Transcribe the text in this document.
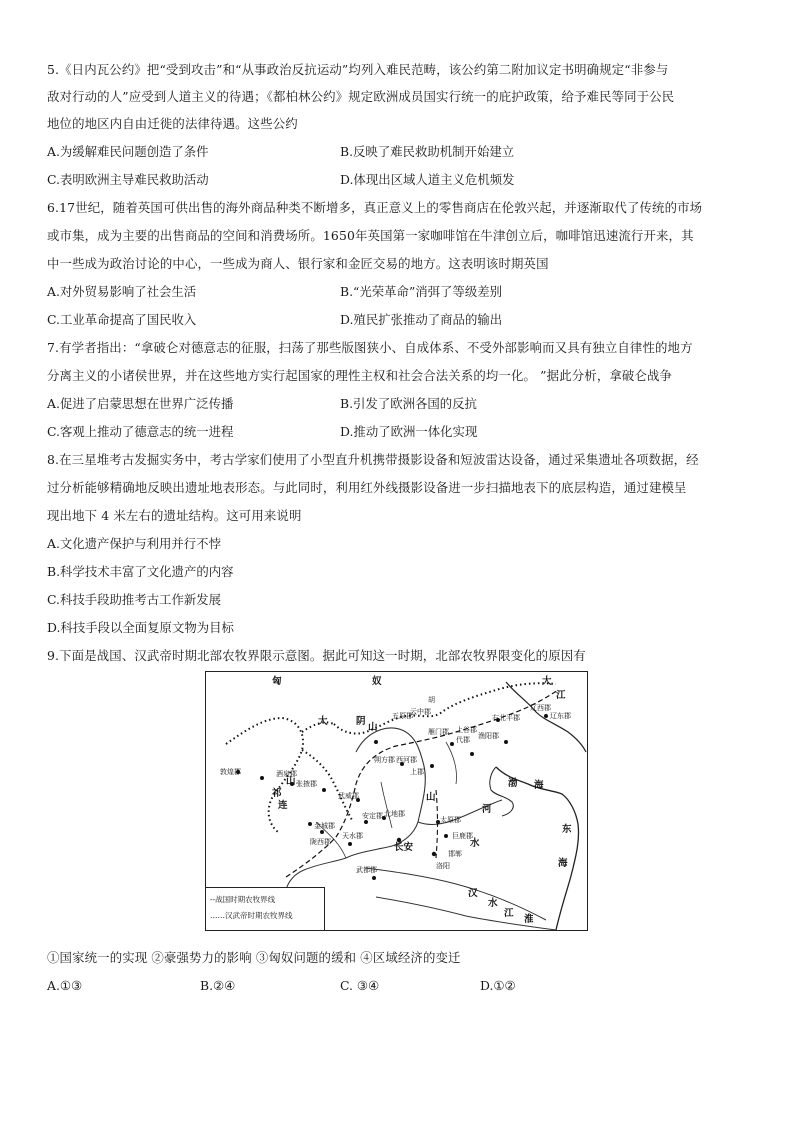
5.《日内瓦公约》把“受到攻击”和“从事政治反抗运动”均列入难民范畴，该公约第二附加议定书明确规定“非参与
敌对行动的人”应受到人道主义的待遇；《都柏林公约》规定欧洲成员国实行统一的庇护政策，给予难民等同于公民
地位的地区内自由迁徙的法律待遇。这些公约
A.为缓解难民问题创造了条件	B.反映了难民救助机制开始建立
C.表明欧洲主导难民救助活动	D.体现出区域人道主义危机频发
6.17世纪，随着英国可供出售的海外商品种类不断增多，真正意义上的零售商店在伦敦兴起，并逐渐取代了传统的市场
或市集，成为主要的出售商品的空间和消费场所。1650年英国第一家咖啡馆在牛津创立后，咖啡馆迅速流行开来，其
中一些成为政治讨论的中心，一些成为商人、银行家和金匠交易的地方。这表明该时期英国
A.对外贸易影响了社会生活	B.“光荣革命”消弭了等级差别
C.工业革命提高了国民收入	D.殖民扩张推动了商品的输出
7.有学者指出：“拿破仑对德意志的征服，扫荡了那些版图狭小、自成体系、不受外部影响而又具有独立自律性的地方
分离主义的小诸侯世界，并在这些地方实行起国家的理性主权和社会合法关系的均一化。 ”据此分析，拿破仑战争
A.促进了启蒙思想在世界广泛传播	B.引发了欧洲各国的反抗
C.客观上推动了德意志的统一进程	D.推动了欧洲一体化实现
8.在三星堆考古发掘实务中，考古学家们使用了小型直升机携带摄影设备和短波雷达设备，通过采集遗址各项数据，经
过分析能够精确地反映出遗址地表形态。与此同时，利用红外线摄影设备进一步扫描地表下的底层构造，通过建模呈
现出地下 4 米左右的遗址结构。这可用来说明
A.文化遗产保护与利用并行不悖
B.科学技术丰富了文化遗产的内容
C.科技手段助推考古工作新发展
D.科技手段以全面复原文物为目标
9.下面是战国、汉武帝时期北部农牧界限示意图。据此可知这一时期，北部农牧界限变化的原因有
匈	奴
大
大
江
胡
辽西郡
辽东郡
右北平郡
渔阳郡
上谷郡
代郡
雁门郡
云中郡
五原郡
朔方郡 西河郡
上郡
酒泉郡
敦煌郡
张掖郡
武威郡
金城郡
陇西郡
天水郡
安定郡 北地郡
太原郡
巨鹿郡
邯郸
洛阳
长安
武都郡
渤 海
东
海
河
水
汉
水
江
淮
祁
连
山
阴
山
山
--战国时期农牧界线
……汉武帝时期农牧界线
①国家统一的实现 ②豪强势力的影响 ③匈奴问题的缓和 ④区域经济的变迁
A.①③	B.②④	C. ③④	D.①②
